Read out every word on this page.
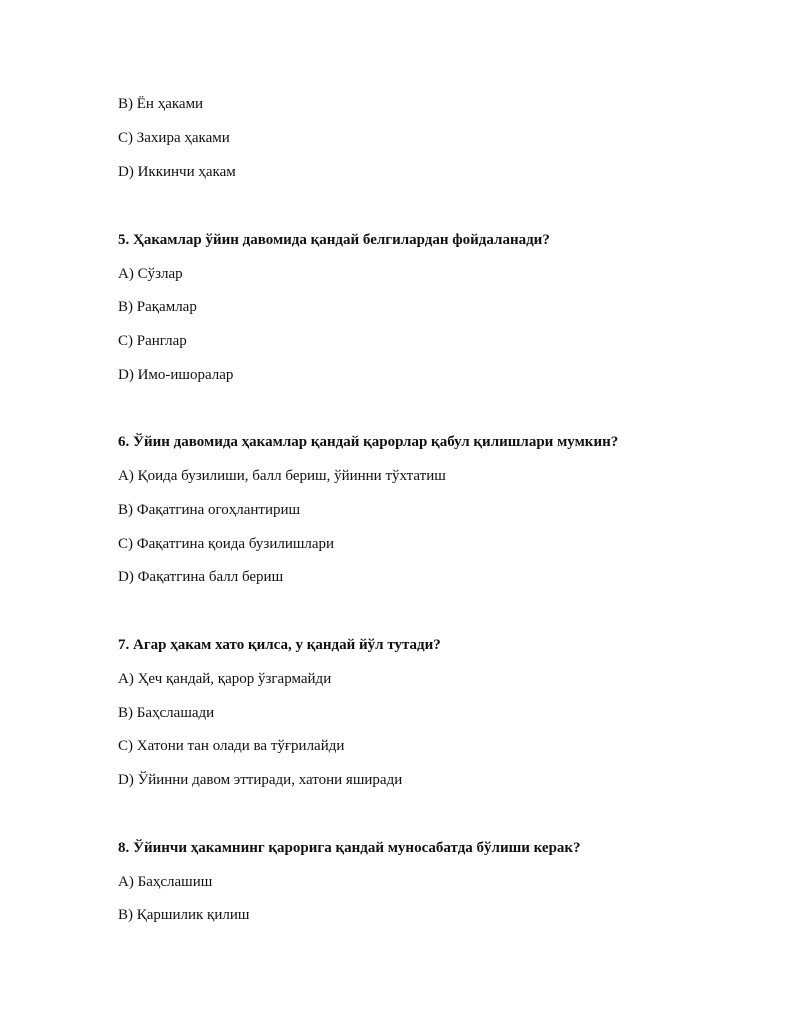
B) Ён ҳаками
C) Захира ҳаками
D) Иккинчи ҳакам
5. Ҳакамлар ўйин давомида қандай белгилардан фойдаланади?
A) Сўзлар
B) Рақамлар
C) Ранглар
D) Имо-ишоралар
6. Ўйин давомида ҳакамлар қандай қарорлар қабул қилишлари мумкин?
A) Қоида бузилиши, балл бериш, ўйинни тўхтатиш
B) Фақатгина огоҳлантириш
C) Фақатгина қоида бузилишлари
D) Фақатгина балл бериш
7. Агар ҳакам хато қилса, у қандай йўл тутади?
A) Ҳеч қандай, қарор ўзгармайди
B) Баҳслашади
C) Хатони тан олади ва тўғрилайди
D) Ўйинни давом эттиради, хатони яширади
8. Ўйинчи ҳакамнинг қарорига қандай муносабатда бўлиши керак?
A) Баҳслашиш
B) Қаршилик қилиш
